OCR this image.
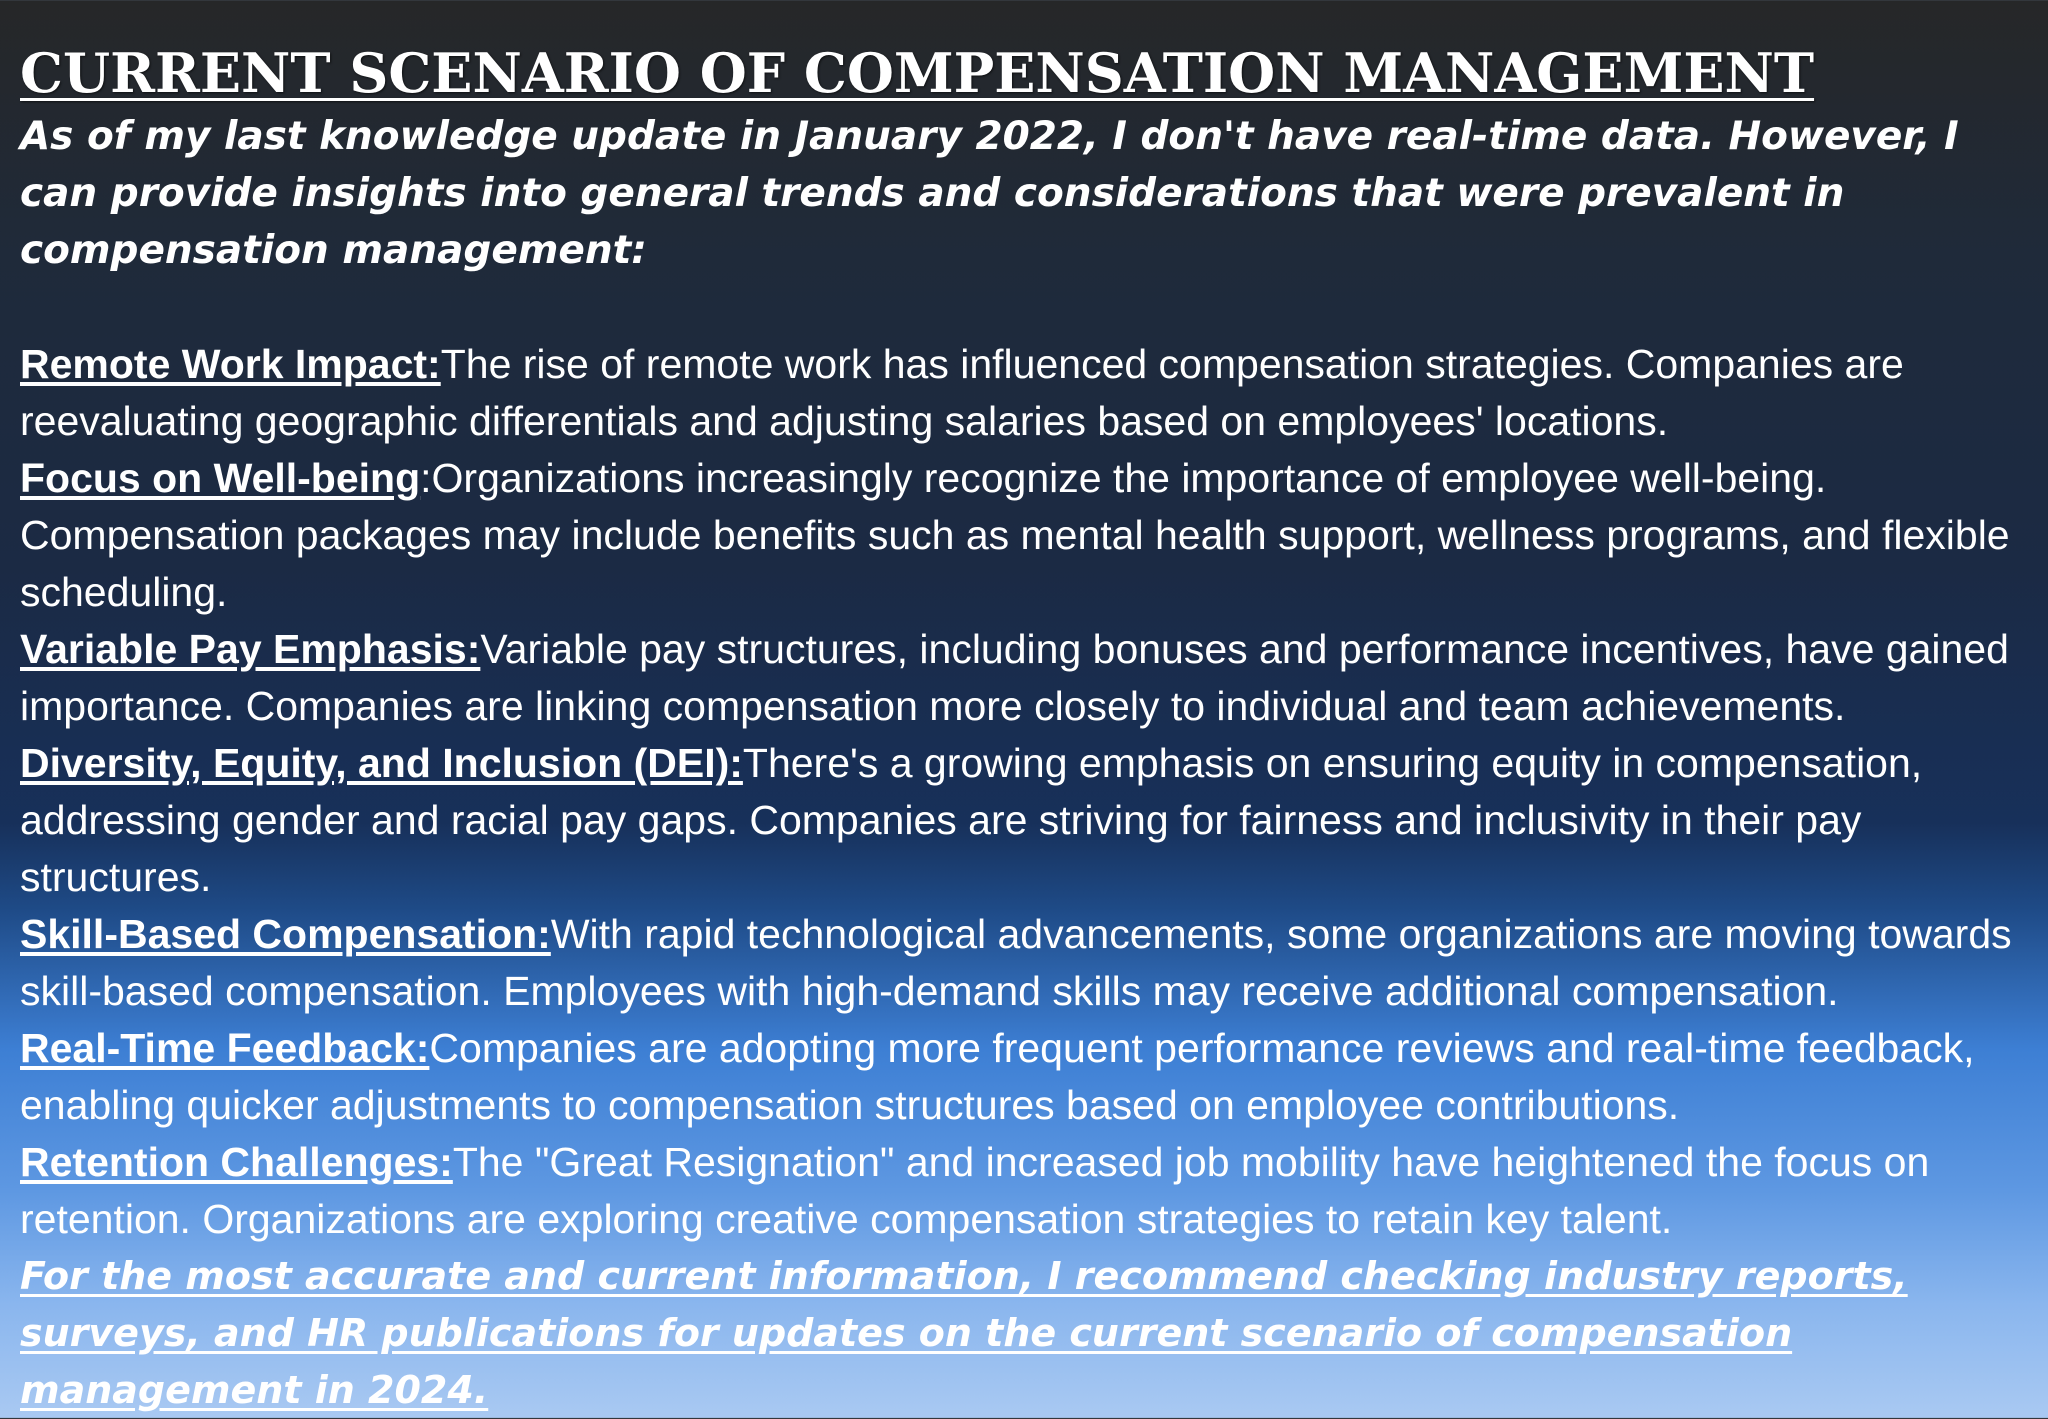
CURRENT SCENARIO OF COMPENSATION MANAGEMENT

As of my last knowledge update in January 2022, I don't have real-time data. However, I can provide insights into general trends and considerations that were prevalent in compensation management:

Remote Work Impact:The rise of remote work has influenced compensation strategies. Companies are reevaluating geographic differentials and adjusting salaries based on employees' locations.

Focus on Well-being:Organizations increasingly recognize the importance of employee well-being. Compensation packages may include benefits such as mental health support, wellness programs, and flexible scheduling.

Variable Pay Emphasis:Variable pay structures, including bonuses and performance incentives, have gained importance. Companies are linking compensation more closely to individual and team achievements.

Diversity, Equity, and Inclusion (DEI):There's a growing emphasis on ensuring equity in compensation, addressing gender and racial pay gaps. Companies are striving for fairness and inclusivity in their pay structures.

Skill-Based Compensation:With rapid technological advancements, some organizations are moving towards skill-based compensation. Employees with high-demand skills may receive additional compensation.

Real-Time Feedback:Companies are adopting more frequent performance reviews and real-time feedback, enabling quicker adjustments to compensation structures based on employee contributions.

Retention Challenges:The "Great Resignation" and increased job mobility have heightened the focus on retention. Organizations are exploring creative compensation strategies to retain key talent.

For the most accurate and current information, I recommend checking industry reports, surveys, and HR publications for updates on the current scenario of compensation management in 2024.
